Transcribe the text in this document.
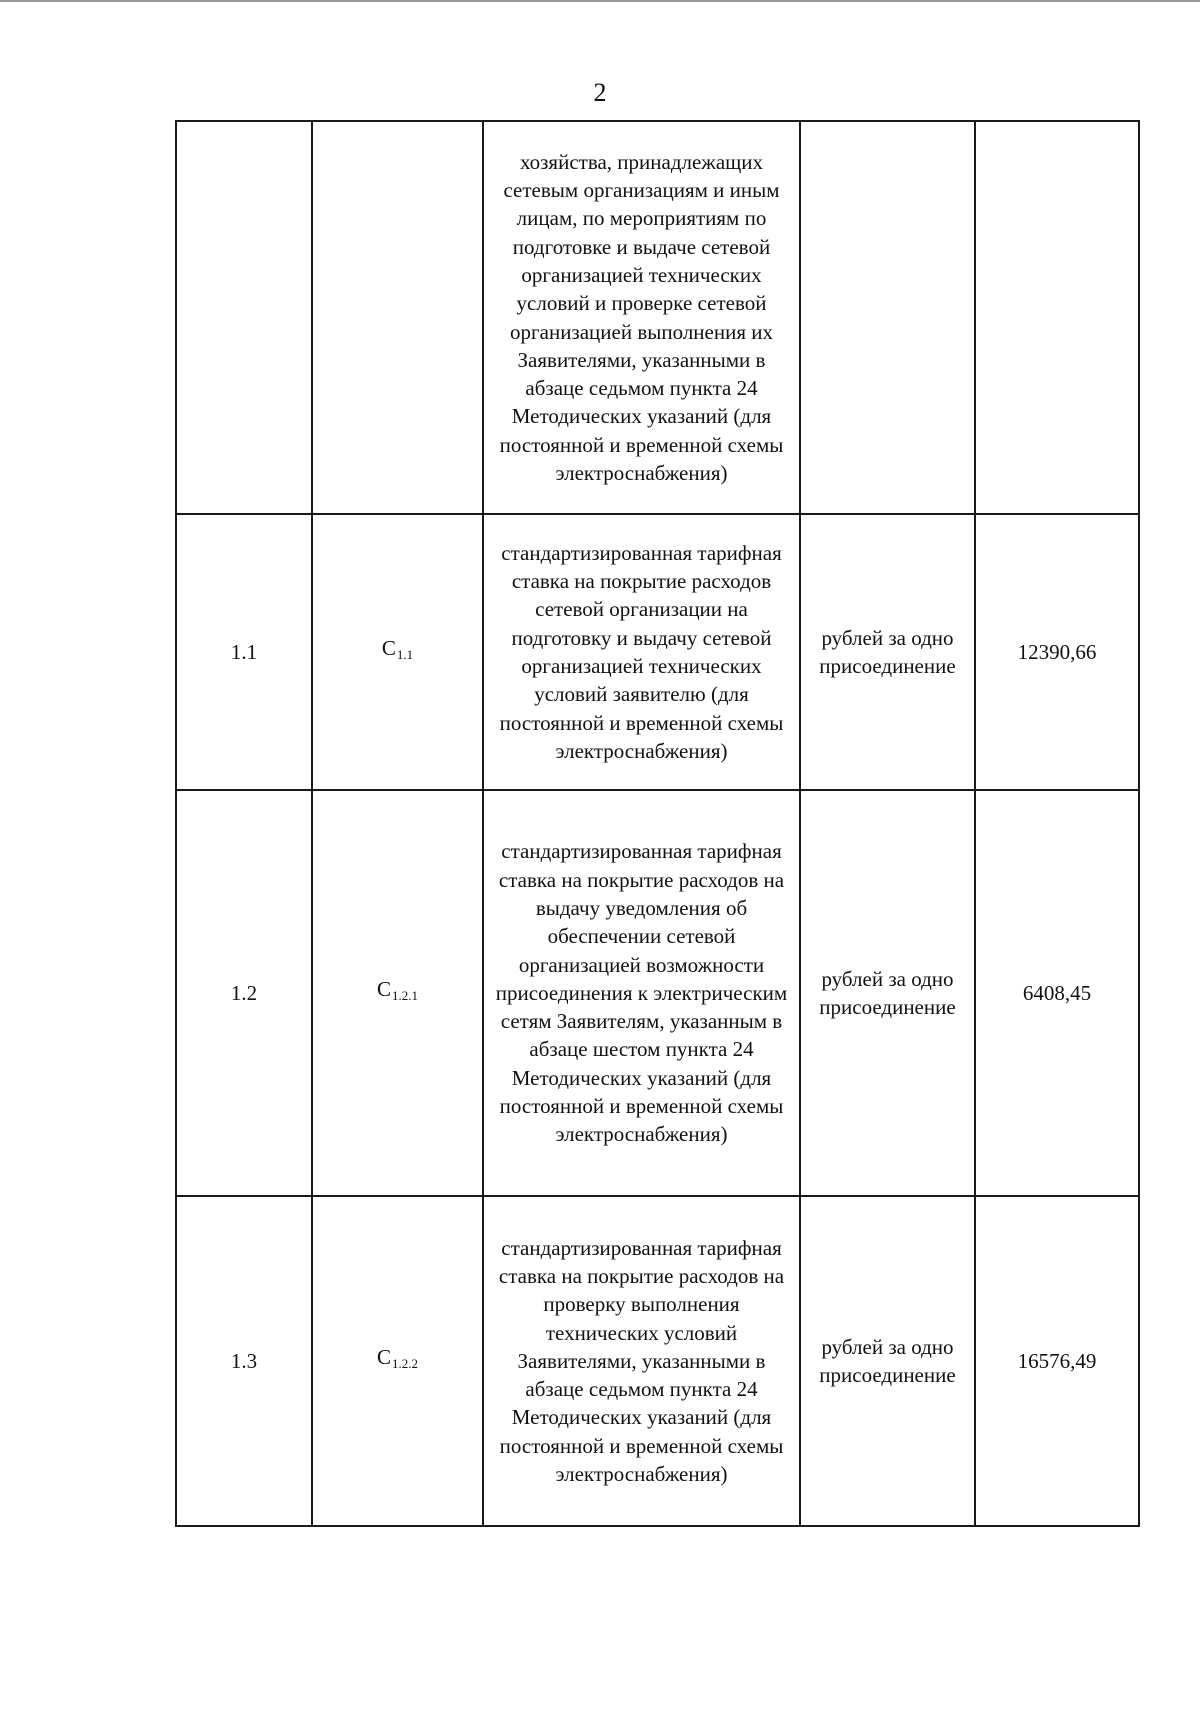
2
		хозяйства, принадлежащих сетевым организациям и иным лицам, по мероприятиям по подготовке и выдаче сетевой организацией технических условий и проверке сетевой организацией выполнения их Заявителями, указанными в абзаце седьмом пункта 24 Методических указаний (для постоянной и временной схемы электроснабжения)		
1.1	С1.1	стандартизированная тарифная ставка на покрытие расходов сетевой организации на подготовку и выдачу сетевой организацией технических условий заявителю (для постоянной и временной схемы электроснабжения)	рублей за одно присоединение	12390,66
1.2	С1.2.1	стандартизированная тарифная ставка на покрытие расходов на выдачу уведомления об обеспечении сетевой организацией возможности присоединения к электрическим сетям Заявителям, указанным в абзаце шестом пункта 24 Методических указаний (для постоянной и временной схемы электроснабжения)	рублей за одно присоединение	6408,45
1.3	С1.2.2	стандартизированная тарифная ставка на покрытие расходов на проверку выполнения технических условий Заявителями, указанными в абзаце седьмом пункта 24 Методических указаний (для постоянной и временной схемы электроснабжения)	рублей за одно присоединение	16576,49
